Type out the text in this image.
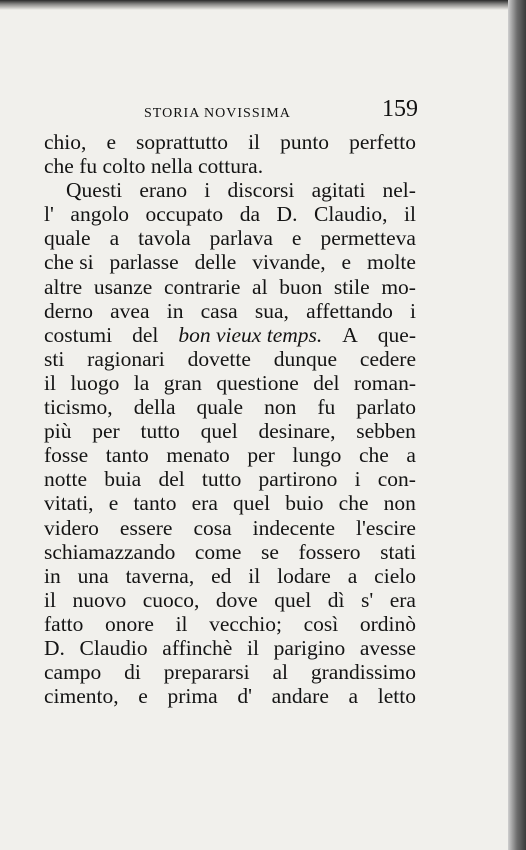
STORIA NOVISSIMA	159
chio, e soprattutto il punto perfetto
che fu colto nella cottura.
Questi erano i discorsi agitati nel-
l' angolo occupato da D. Claudio, il
quale a tavola parlava e permetteva
che si parlasse delle vivande, e molte
altre usanze contrarie al buon stile mo-
derno avea in casa sua, affettando i
costumi del bon vieux temps. A que-
sti ragionari dovette dunque cedere
il luogo la gran questione del roman-
ticismo, della quale non fu parlato
più per tutto quel desinare, sebben
fosse tanto menato per lungo che a
notte buia del tutto partirono i con-
vitati, e tanto era quel buio che non
videro essere cosa indecente l'escire
schiamazzando come se fossero stati
in una taverna, ed il lodare a cielo
il nuovo cuoco, dove quel dì s' era
fatto onore il vecchio; così ordinò
D. Claudio affinchè il parigino avesse
campo di prepararsi al grandissimo
cimento, e prima d' andare a letto
